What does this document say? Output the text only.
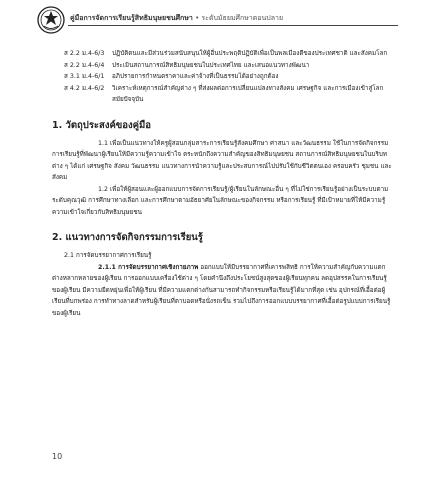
คู่มือการจัดการเรียนรู้สิทธิมนุษยชนศึกษา • ระดับมัธยมศึกษาตอนปลาย
ส 2.2 ม.4-6/3	ปฏิบัติตนและมีส่วนร่วมสนับสนุนให้ผู้อื่นประพฤติปฏิบัติเพื่อเป็นพลเมืองดีของประเทศชาติ และสังคมโลก
ส 2.2 ม.4-6/4	ประเมินสถานการณ์สิทธิมนุษยชนในประเทศไทย และเสนอแนวทางพัฒนา
ส 3.1 ม.4-6/1	อภิปรายการกำหนดราคาและค่าจ้างที่เป็นธรรมได้อย่างถูกต้อง
ส 4.2 ม.4-6/2	วิเคราะห์เหตุการณ์สำคัญต่าง ๆ ที่ส่งผลต่อการเปลี่ยนแปลงทางสังคม เศรษฐกิจ และการเมืองเข้าสู่โลกสมัยปัจจุบัน
1. วัตถุประสงค์ของคู่มือ
1.1 เพื่อเป็นแนวทางให้ครูผู้สอนกลุ่มสาระการเรียนรู้สังคมศึกษา ศาสนา และวัฒนธรรม ใช้ในการจัดกิจกรรมการเรียนรู้ที่พัฒนาผู้เรียนให้มีความรู้ความเข้าใจ ตระหนักถึงความสำคัญของสิทธิมนุษยชน สถานการณ์สิทธิมนุษยชนในบริบทต่าง ๆ ได้แก่ เศรษฐกิจ สังคม วัฒนธรรม แนวทางการนำความรู้และประสบการณ์ไปปรับใช้กับชีวิตตนเอง ครอบครัว ชุมชน และสังคม
1.2 เพื่อให้ผู้สอนและผู้ออกแบบการจัดการเรียนรู้/ผู้เรียนในลักษณะอื่น ๆ ที่ไม่ใช่การเรียนรู้อย่างเป็นระบบตามระดับคุณวุฒิ การศึกษาทางเลือก และการศึกษาตามอัธยาศัยในลักษณะของกิจกรรม หรือการเรียนรู้ ที่มีเป้าหมายที่ให้มีความรู้ ความเข้าใจเกี่ยวกับสิทธิมนุษยชน
2. แนวทางการจัดกิจกรรมการเรียนรู้
2.1 การจัดบรรยากาศการเรียนรู้
2.1.1 การจัดบรรยากาศเชิงกายภาพ ออกแบบให้มีบรรยากาศที่เคารพสิทธิ การให้ความสำคัญกับความแตกต่างหลากหลายของผู้เรียน การออกแบบเครื่องใช้ต่าง ๆ โดยคำนึงถึงประโยชน์สูงสุดของผู้เรียนทุกคน ลดอุปสรรคในการเรียนรู้ของผู้เรียน มีความยืดหยุ่นเพื่อให้ผู้เรียน ที่มีความแตกต่างกันสามารถทำกิจกรรมหรือเรียนรู้ได้มากที่สุด เช่น อุปกรณ์ที่เอื้อต่อผู้เรียนที่บกพร่อง การทำทางลาดสำหรับผู้เรียนที่ตาบอดหรือนั่งรถเข็น รวมไปถึงการออกแบบบรรยากาศที่เอื้อต่อรูปแบบการเรียนรู้ของผู้เรียน
10
